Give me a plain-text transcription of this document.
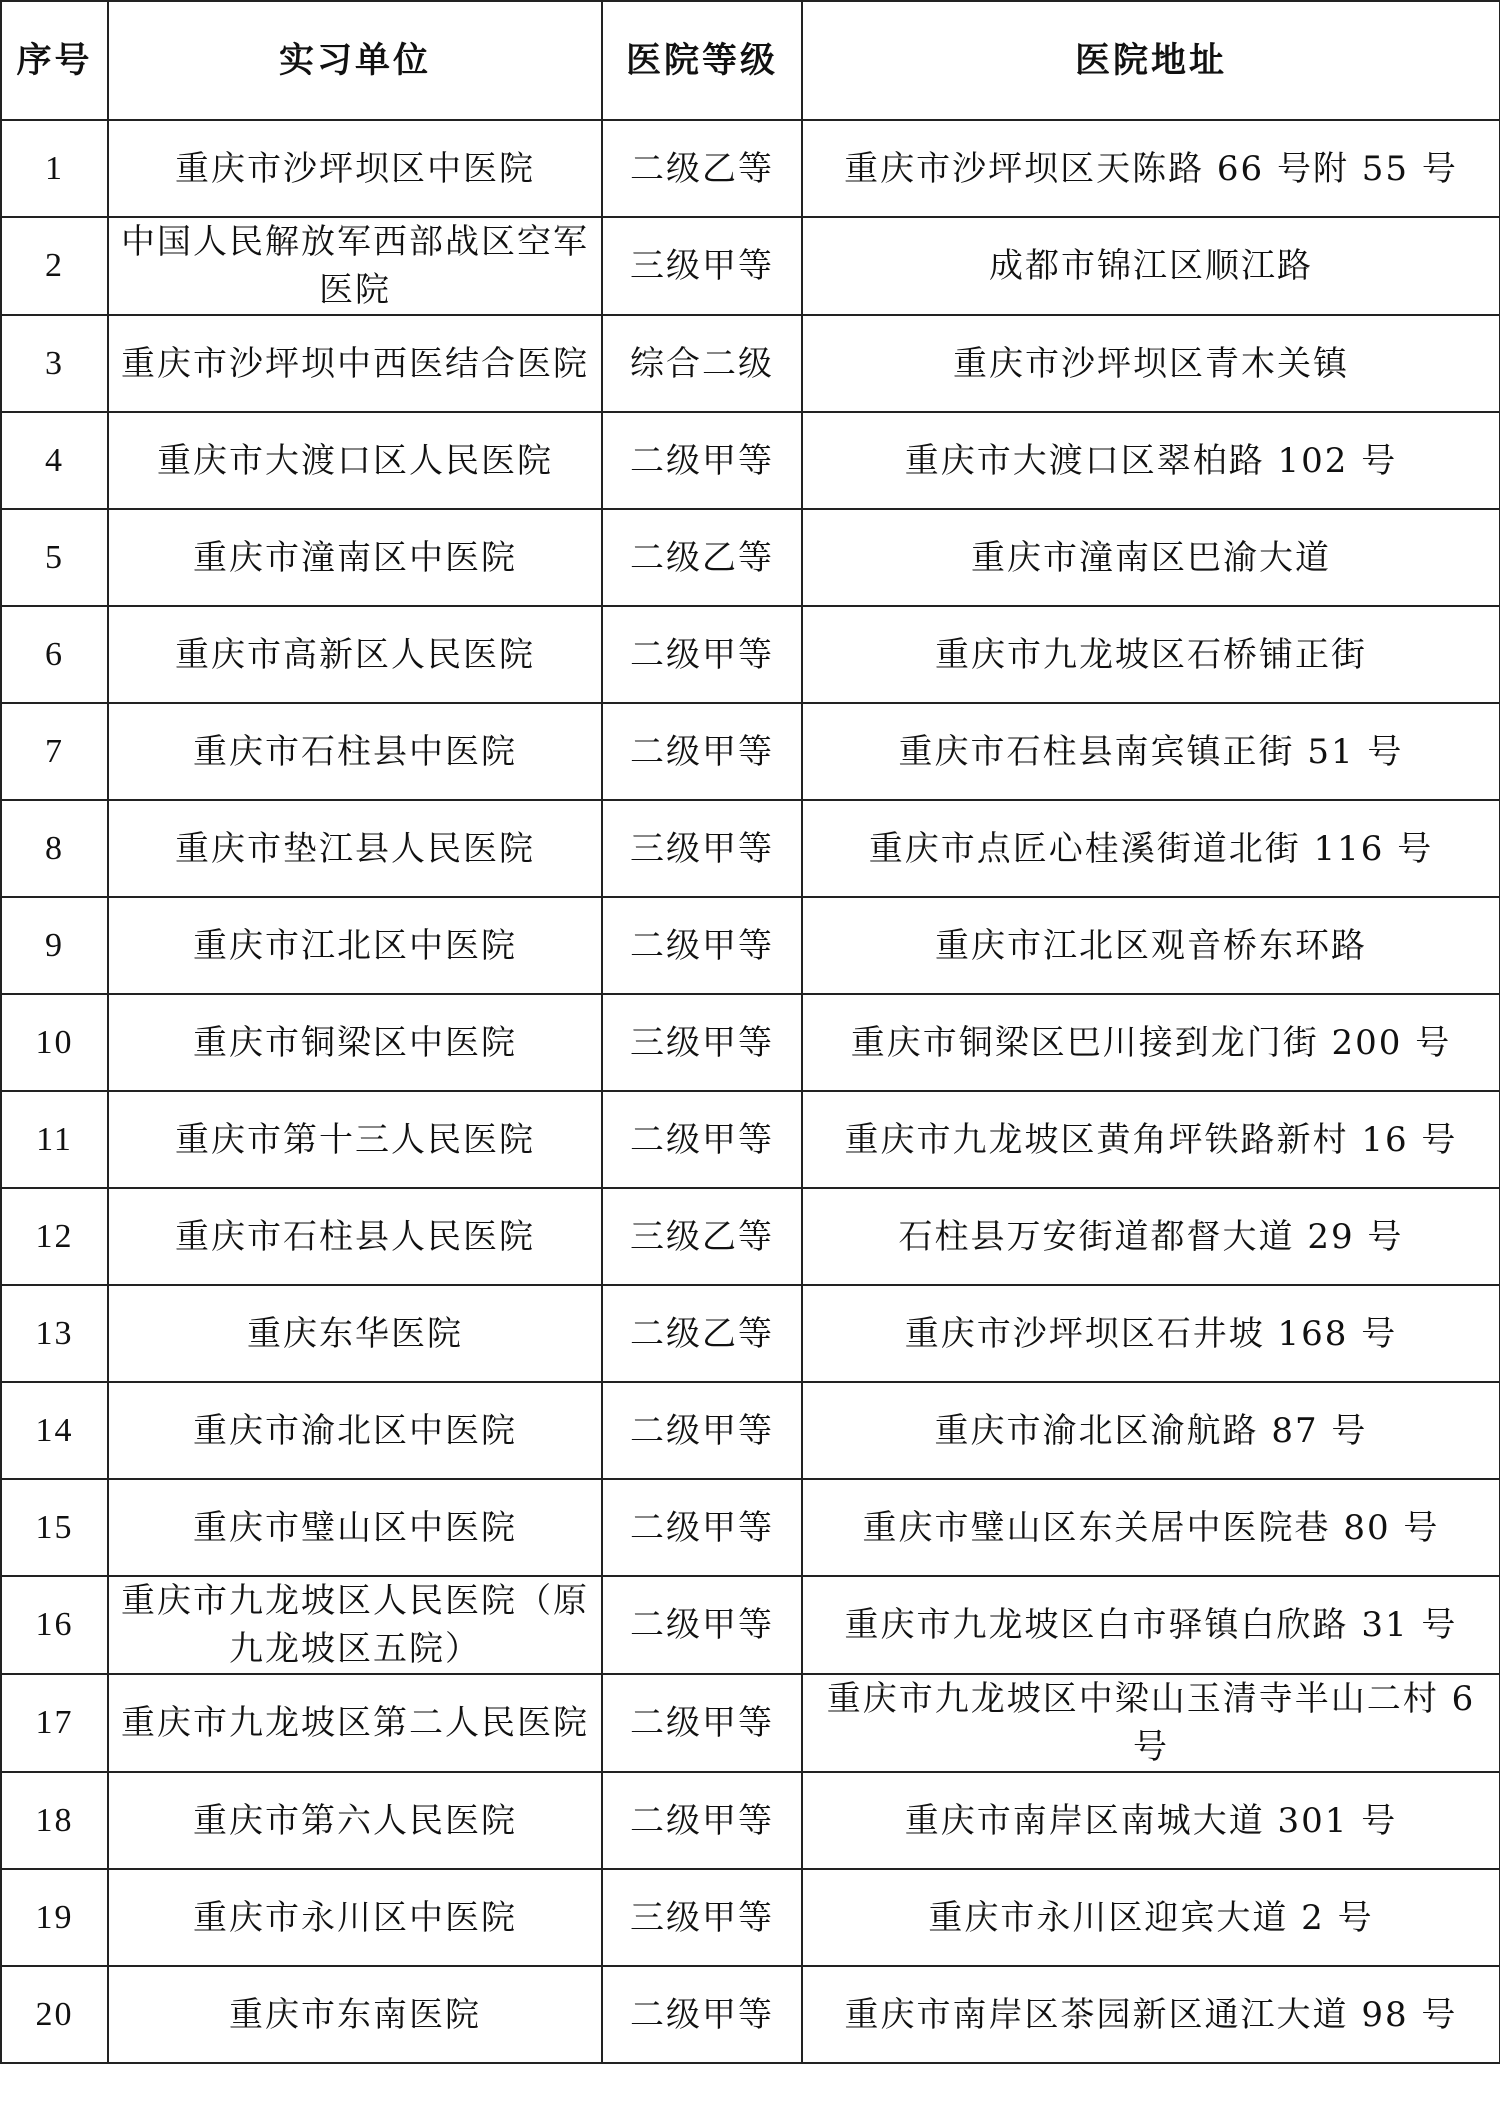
序号	实习单位	医院等级	医院地址
1	重庆市沙坪坝区中医院	二级乙等	重庆市沙坪坝区天陈路 66 号附 55 号
2	中国人民解放军西部战区空军医院	三级甲等	成都市锦江区顺江路
3	重庆市沙坪坝中西医结合医院	综合二级	重庆市沙坪坝区青木关镇
4	重庆市大渡口区人民医院	二级甲等	重庆市大渡口区翠柏路 102 号
5	重庆市潼南区中医院	二级乙等	重庆市潼南区巴渝大道
6	重庆市高新区人民医院	二级甲等	重庆市九龙坡区石桥铺正街
7	重庆市石柱县中医院	二级甲等	重庆市石柱县南宾镇正街 51 号
8	重庆市垫江县人民医院	三级甲等	重庆市点匠心桂溪街道北街 116 号
9	重庆市江北区中医院	二级甲等	重庆市江北区观音桥东环路
10	重庆市铜梁区中医院	三级甲等	重庆市铜梁区巴川接到龙门街 200 号
11	重庆市第十三人民医院	二级甲等	重庆市九龙坡区黄角坪铁路新村 16 号
12	重庆市石柱县人民医院	三级乙等	石柱县万安街道都督大道 29 号
13	重庆东华医院	二级乙等	重庆市沙坪坝区石井坡 168 号
14	重庆市渝北区中医院	二级甲等	重庆市渝北区渝航路 87 号
15	重庆市璧山区中医院	二级甲等	重庆市璧山区东关居中医院巷 80 号
16	重庆市九龙坡区人民医院（原九龙坡区五院）	二级甲等	重庆市九龙坡区白市驿镇白欣路 31 号
17	重庆市九龙坡区第二人民医院	二级甲等	重庆市九龙坡区中梁山玉清寺半山二村 6 号
18	重庆市第六人民医院	二级甲等	重庆市南岸区南城大道 301 号
19	重庆市永川区中医院	三级甲等	重庆市永川区迎宾大道 2 号
20	重庆市东南医院	二级甲等	重庆市南岸区茶园新区通江大道 98 号
